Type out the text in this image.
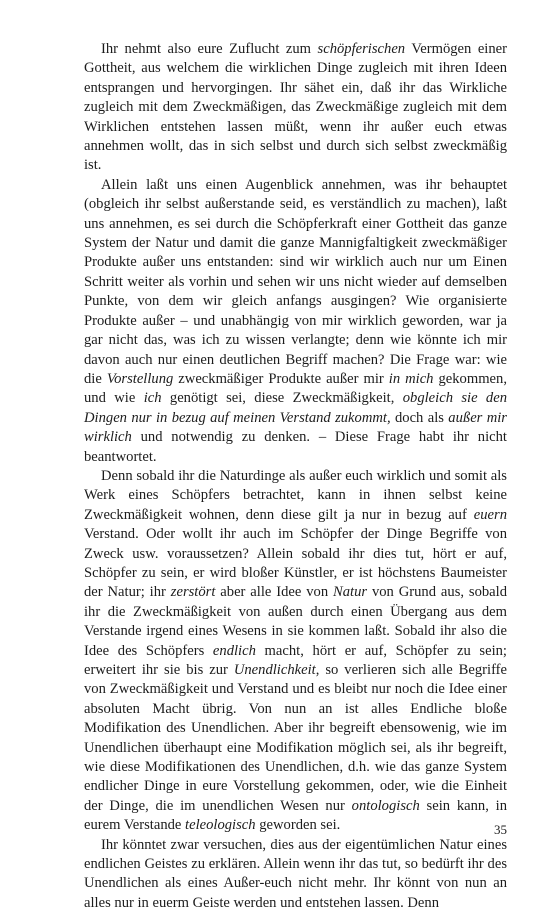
Ihr nehmt also eure Zuflucht zum schöpferischen Vermögen einer Gottheit, aus welchem die wirklichen Dinge zugleich mit ihren Ideen entsprangen und hervorgingen. Ihr sähet ein, daß ihr das Wirkliche zugleich mit dem Zweckmäßigen, das Zweckmäßige zugleich mit dem Wirklichen entstehen lassen müßt, wenn ihr außer euch etwas annehmen wollt, das in sich selbst und durch sich selbst zweckmäßig ist.

Allein laßt uns einen Augenblick annehmen, was ihr behauptet (obgleich ihr selbst außerstande seid, es verständlich zu machen), laßt uns annehmen, es sei durch die Schöpferkraft einer Gottheit das ganze System der Natur und damit die ganze Mannigfaltigkeit zweckmäßiger Produkte außer uns entstanden: sind wir wirklich auch nur um Einen Schritt weiter als vorhin und sehen wir uns nicht wieder auf demselben Punkte, von dem wir gleich anfangs ausgingen? Wie organisierte Produkte außer – und unabhängig von mir wirklich geworden, war ja gar nicht das, was ich zu wissen verlangte; denn wie könnte ich mir davon auch nur einen deutlichen Begriff machen? Die Frage war: wie die Vorstellung zweckmäßiger Produkte außer mir in mich gekommen, und wie ich genötigt sei, diese Zweckmäßigkeit, obgleich sie den Dingen nur in bezug auf meinen Verstand zukommt, doch als außer mir wirklich und notwendig zu denken. – Diese Frage habt ihr nicht beantwortet.

Denn sobald ihr die Naturdinge als außer euch wirklich und somit als Werk eines Schöpfers betrachtet, kann in ihnen selbst keine Zweckmäßigkeit wohnen, denn diese gilt ja nur in bezug auf euern Verstand. Oder wollt ihr auch im Schöpfer der Dinge Begriffe von Zweck usw. voraussetzen? Allein sobald ihr dies tut, hört er auf, Schöpfer zu sein, er wird bloßer Künstler, er ist höchstens Baumeister der Natur; ihr zerstört aber alle Idee von Natur von Grund aus, sobald ihr die Zweckmäßigkeit von außen durch einen Übergang aus dem Verstande irgend eines Wesens in sie kommen laßt. Sobald ihr also die Idee des Schöpfers endlich macht, hört er auf, Schöpfer zu sein; erweitert ihr sie bis zur Unendlichkeit, so verlieren sich alle Begriffe von Zweckmäßigkeit und Verstand und es bleibt nur noch die Idee einer absoluten Macht übrig. Von nun an ist alles Endliche bloße Modifikation des Unendlichen. Aber ihr begreift ebensowenig, wie im Unendlichen überhaupt eine Modifikation möglich sei, als ihr begreift, wie diese Modifikationen des Unendlichen, d.h. wie das ganze System endlicher Dinge in eure Vorstellung gekommen, oder, wie die Einheit der Dinge, die im unendlichen Wesen nur ontologisch sein kann, in eurem Verstande teleologisch geworden sei.

Ihr könntet zwar versuchen, dies aus der eigentümlichen Natur eines endlichen Geistes zu erklären. Allein wenn ihr das tut, so bedürft ihr des Unendlichen als eines Außer-euch nicht mehr. Ihr könnt von nun an alles nur in euerm Geiste werden und entstehen lassen. Denn

35
